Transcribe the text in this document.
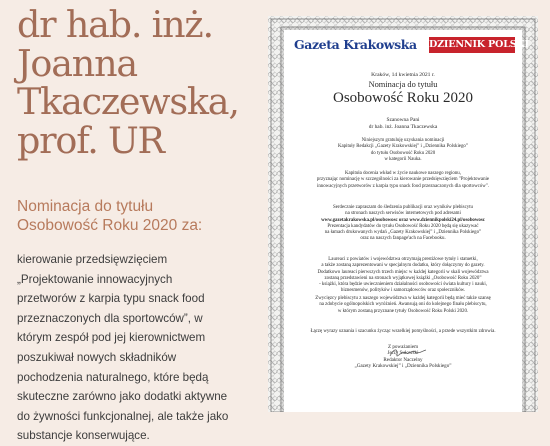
dr hab. inż.
Joanna
Tkaczewska,
prof. UR

Nominacja do tytułu
Osobowość Roku 2020 za:

kierowanie przedsięwzięciem
„Projektowanie innowacyjnych
przetworów z karpia typu snack food
przeznaczonych dla sportowców”, w
którym zespół pod jej kierownictwem
poszukiwał nowych składników
pochodzenia naturalnego, które będą
skuteczne zarówno jako dodatki aktywne
do żywności funkcjonalnej, ale także jako
substancje konserwujące.

Gazeta Krakowska DZIENNIK POLSKI
Kraków, 14 kwietnia 2021 r.
Nominacja do tytułu
Osobowość Roku 2020
Szanowna Pani
dr hab. inż. Joanna Tkaczewska
Niniejszym gratuluję uzyskania nominacji
Kapituły Redakcji „Gazety Krakowskiej” i „Dziennika Polskiego”
do tytułu Osobowość Roku 2020
w kategorii Nauka.
Kapituła docenia wkład w życie naukowe naszego regionu,
przyznając nominację w szczególności za kierowanie przedsięwzięciem "Projektowanie
innowacyjnych przetworów z karpia typu snack food przeznaczonych dla sportowców".
Serdecznie zapraszam do śledzenia publikacji oraz wyników plebiscytu
na stronach naszych serwisów internetowych pod adresami
www.gazetakrakowska.pl/osobowosc oraz www.dziennikpolski24.pl/osobowosc
Prezentacja kandydatów do tytułu Osobowość Roku 2020 będą się ukazywać
na łamach drukowanych wydań „Gazety Krakowskiej” i „Dziennika Polskiego”
oraz na naszych fanpage'ach na Facebooku.
Laureaci z powiatów i województwa otrzymają prestiżowe tytuły i statuetki,
a także zostaną zaprezentowani w specjalnym dodatku, który dołączymy do gazety.
Dodatkowo laureaci pierwszych trzech miejsc w każdej kategorii w skali województwa
zostaną przedstawieni na stronach wyjątkowej książki „Osobowość Roku 2020”
- książki, która będzie uwiecznieniem działalności osobowości świata kultury i nauki,
biznesmenów, polityków i samorządowców oraz społeczników.
Zwycięzcy plebiscytu z naszego województwa w każdej kategorii będą mieć także szansę
na zdobycie ogólnopolskich wyróżnień. Awansują oni do kolejnego finału plebiscytu,
w którym zostaną przyznane tytuły Osobowość Roku Polski 2020.
Łączę wyrazy uznania i szacunku życząc wszelkiej pomyślności, a przede wszystkim zdrowia.
Z poważaniem
Jerzy Sułowski
Redaktor Naczelny
„Gazety Krakowskiej” i „Dziennika Polskiego”
